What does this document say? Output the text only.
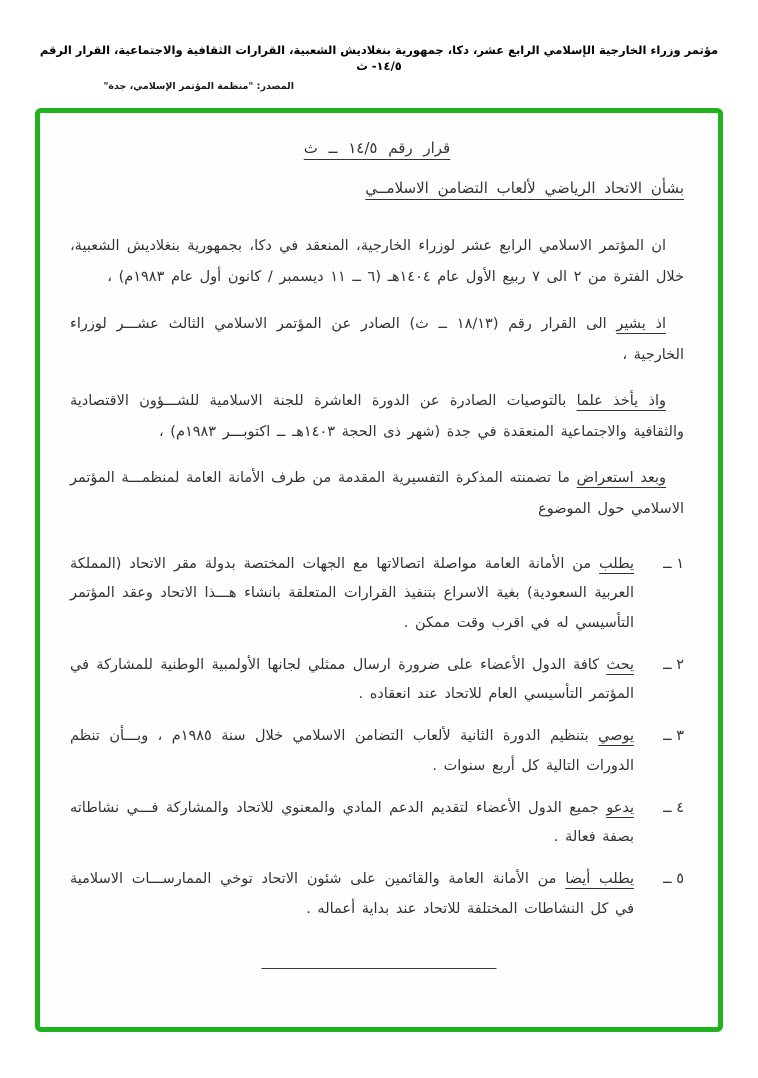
مؤتمر وزراء الخارجية الإسلامي الرابع عشر، دكا، جمهورية بنغلاديش الشعبية، القرارات الثقافية والاجتماعية، القرار الرقم ١٤/٥- ث
المصدر: "منظمة المؤتمر الإسلامي، جدة"
قرار رقم ١٤/٥ ــ ث
بشأن الاتحاد الرياضي لألعاب التضامن الاسلامــي

ان المؤتمر الاسلامي الرابع عشر لوزراء الخارجية، المنعقد في دكا، بجمهورية بنغلاديش الشعبية، خلال الفترة من ٢ الى ٧ ربيع الأول عام ١٤٠٤هـ (٦ ــ ١١ ديسمبر / كانون أول عام ١٩٨٣م) ،

اذ يشير الى القرار رقم (١٨/١٣ ــ ث) الصادر عن المؤتمر الاسلامي الثالث عشـــر لوزراء الخارجية ،

واذ يأخذ علما بالتوصيات الصادرة عن الدورة العاشرة للجنة الاسلامية للشـــؤون الاقتصادية والثقافية والاجتماعية المنعقدة في جدة (شهر ذى الحجة ١٤٠٣هـ ــ اكتوبـــر ١٩٨٣م) ،

وبعد استعراض ما تضمنته المذكرة التفسيرية المقدمة من طرف الأمانة العامة لمنظمـــة المؤتمر الاسلامي حول الموضوع

١ ــ
يطلب من الأمانة العامة مواصلة اتصالاتها مع الجهات المختصة بدولة مقر الاتحاد (المملكة العربية السعودية) بغية الاسراع بتنفيذ القرارات المتعلقة بانشاء هـــذا الاتحاد وعقد المؤتمر التأسيسي له في اقرب وقت ممكن .
٢ ــ
يحث كافة الدول الأعضاء على ضرورة ارسال ممثلي لجانها الأولمبية الوطنية للمشاركة في المؤتمر التأسيسي العام للاتحاد عند انعقاده .
٣ ــ
يوصي بتنظيم الدورة الثانية لألعاب التضامن الاسلامي خلال سنة ١٩٨٥م ، وبـــأن تنظم الدورات التالية كل أربع سنوات .
٤ ــ
يدعو جميع الدول الأعضاء لتقديم الدعم المادي والمعنوي للاتحاد والمشاركة فـــي نشاطاته بصفة فعالة .
٥ ــ
يطلب أيضا من الأمانة العامة والقائمين على شئون الاتحاد توخي الممارســـات الاسلامية في كل النشاطات المختلفة للاتحاد عند بداية أعماله .
